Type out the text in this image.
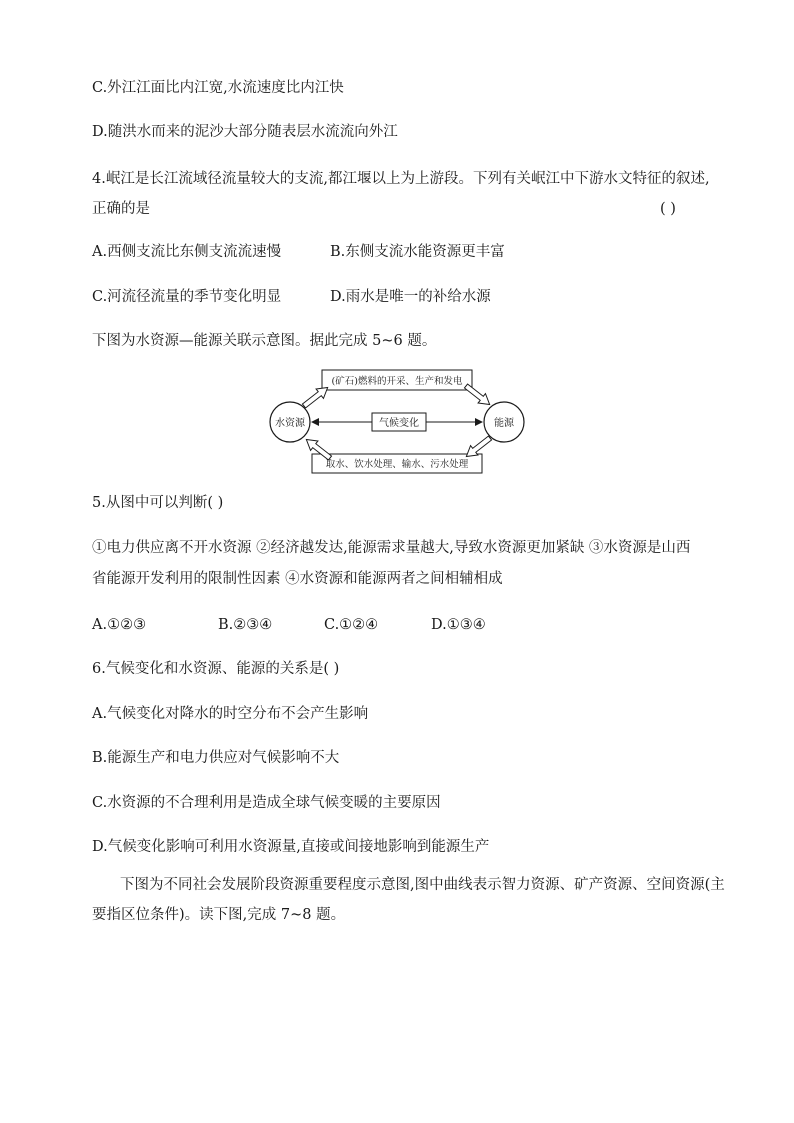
C.外江江面比内江宽,水流速度比内江快
D.随洪水而来的泥沙大部分随表层水流流向外江
4.岷江是长江流域径流量较大的支流,都江堰以上为上游段。下列有关岷江中下游水文特征的叙述,
正确的是	( )
A.西侧支流比东侧支流流速慢	B.东侧支流水能资源更丰富
C.河流径流量的季节变化明显	D.雨水是唯一的补给水源
下图为水资源—能源关联示意图。据此完成 5~6 题。
水资源	能源
(矿石)燃料的开采、生产和发电
气候变化
取水、饮水处理、输水、污水处理
5.从图中可以判断( )
①电力供应离不开水资源 ②经济越发达,能源需求量越大,导致水资源更加紧缺 ③水资源是山西
省能源开发利用的限制性因素 ④水资源和能源两者之间相辅相成
A.①②③	B.②③④	C.①②④	D.①③④
6.气候变化和水资源、能源的关系是( )
A.气候变化对降水的时空分布不会产生影响
B.能源生产和电力供应对气候影响不大
C.水资源的不合理利用是造成全球气候变暖的主要原因
D.气候变化影响可利用水资源量,直接或间接地影响到能源生产
下图为不同社会发展阶段资源重要程度示意图,图中曲线表示智力资源、矿产资源、空间资源(主
要指区位条件)。读下图,完成 7~8 题。
